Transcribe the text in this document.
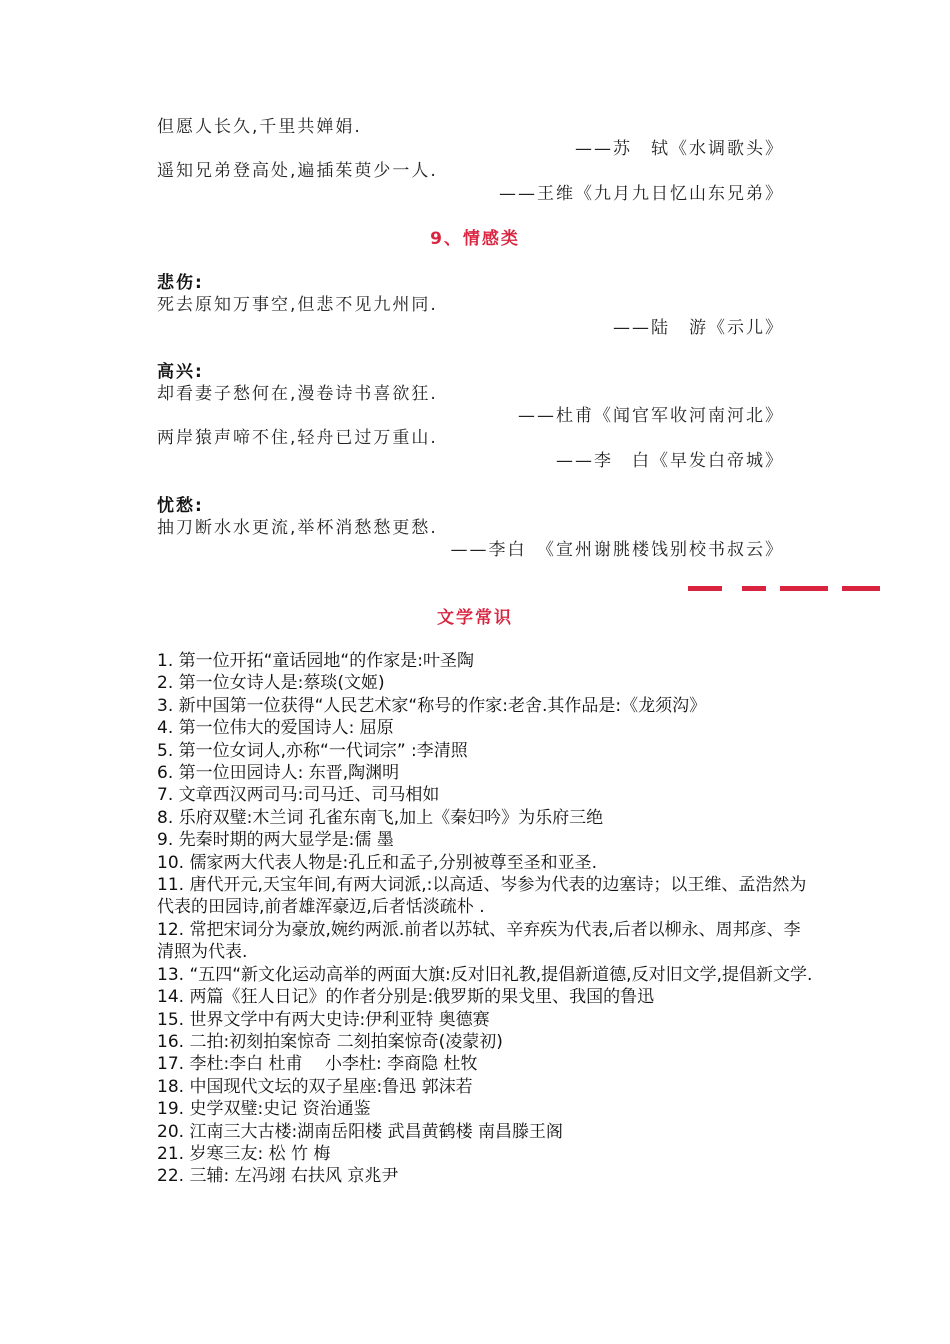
但愿人长久,千里共婵娟.
——苏　轼《水调歌头》
遥知兄弟登高处,遍插茱萸少一人.
——王维《九月九日忆山东兄弟》
9、情感类
悲伤:
死去原知万事空,但悲不见九州同.
——陆　游《示儿》
高兴:
却看妻子愁何在,漫卷诗书喜欲狂.
——杜甫《闻官军收河南河北》
两岸猿声啼不住,轻舟已过万重山.
——李　白《早发白帝城》
忧愁:
抽刀断水水更流,举杯消愁愁更愁.
——李白　《宣州谢朓楼饯别校书叔云》
文学常识
1. 第一位开拓“童话园地“的作家是:叶圣陶
2. 第一位女诗人是:蔡琰(文姬)
3. 新中国第一位获得“人民艺术家“称号的作家:老舍.其作品是:《龙须沟》
4. 第一位伟大的爱国诗人: 屈原
5. 第一位女词人,亦称“一代词宗” :李清照
6. 第一位田园诗人: 东晋,陶渊明
7. 文章西汉两司马:司马迁、司马相如
8. 乐府双璧:木兰词 孔雀东南飞,加上《秦妇吟》为乐府三绝
9. 先秦时期的两大显学是:儒 墨
10. 儒家两大代表人物是:孔丘和孟子,分别被尊至圣和亚圣.
11. 唐代开元,天宝年间,有两大词派,:以高适、岑参为代表的边塞诗；以王维、孟浩然为代表的田园诗,前者雄浑豪迈,后者恬淡疏朴 .
12. 常把宋词分为豪放,婉约两派.前者以苏轼、辛弃疾为代表,后者以柳永、周邦彦、李清照为代表.
13. “五四“新文化运动高举的两面大旗:反对旧礼教,提倡新道德,反对旧文学,提倡新文学.
14. 两篇《狂人日记》的作者分别是:俄罗斯的果戈里、我国的鲁迅
15. 世界文学中有两大史诗:伊利亚特 奥德赛
16. 二拍:初刻拍案惊奇 二刻拍案惊奇(凌蒙初)
17. 李杜:李白 杜甫　 小李杜: 李商隐 杜牧
18. 中国现代文坛的双子星座:鲁迅 郭沫若
19. 史学双璧:史记 资治通鉴
20. 江南三大古楼:湖南岳阳楼 武昌黄鹤楼 南昌滕王阁
21. 岁寒三友: 松 竹 梅
22. 三辅: 左冯翊 右扶风 京兆尹
